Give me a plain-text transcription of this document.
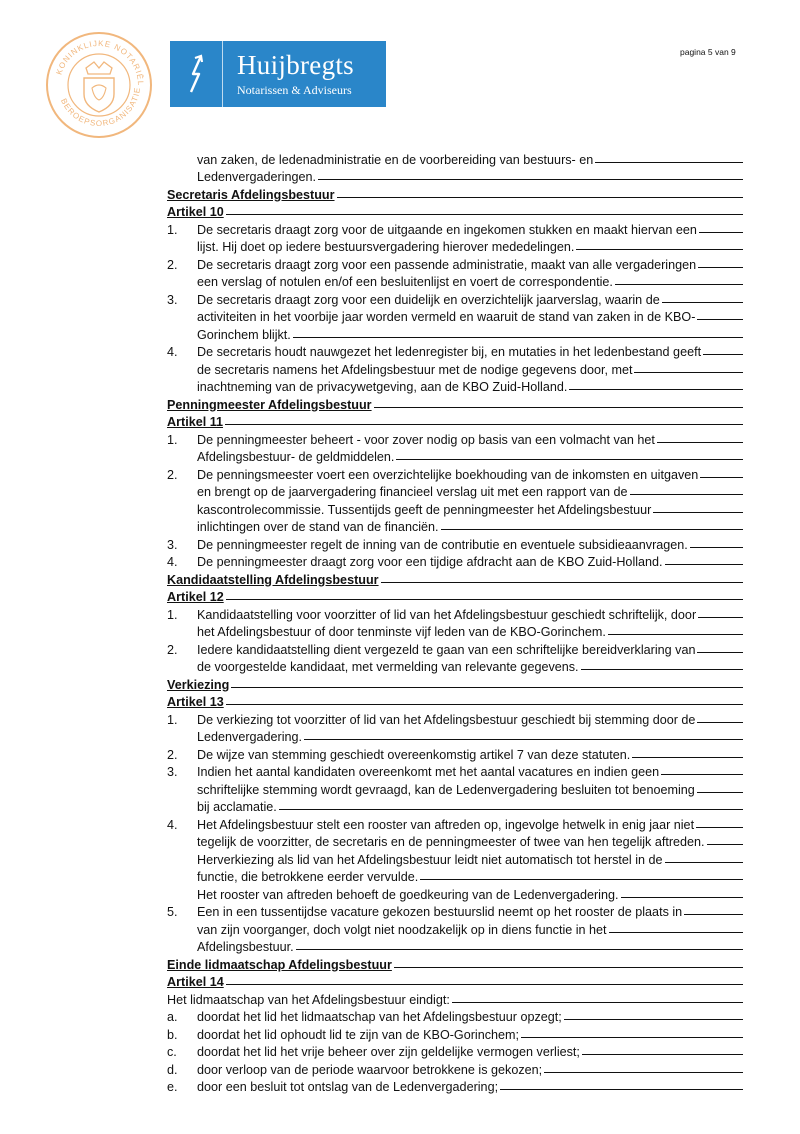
KONINKLIJKE NOTARIËL
BEROEPSORGANISATIE
Huijbregts
Notarissen & Adviseurs
pagina 5 van 9
van zaken, de ledenadministratie en de voorbereiding van bestuurs- en
Ledenvergaderingen.
Secretaris Afdelingsbestuur
Artikel 10
1.	De secretaris draagt zorg voor de uitgaande en ingekomen stukken en maakt hiervan een
lijst. Hij doet op iedere bestuursvergadering hierover mededelingen.
2.	De secretaris draagt zorg voor een passende administratie, maakt van alle vergaderingen
een verslag of notulen en/of een besluitenlijst en voert de correspondentie.
3.	De secretaris draagt zorg voor een duidelijk en overzichtelijk jaarverslag, waarin de
activiteiten in het voorbije jaar worden vermeld en waaruit de stand van zaken in de KBO-
Gorinchem blijkt.
4.	De secretaris houdt nauwgezet het ledenregister bij, en mutaties in het ledenbestand geeft
de secretaris namens het Afdelingsbestuur met de nodige gegevens door, met
inachtneming van de privacywetgeving, aan de KBO Zuid-Holland.
Penningmeester Afdelingsbestuur
Artikel 11
1.	De penningmeester beheert - voor zover nodig op basis van een volmacht van het
Afdelingsbestuur- de geldmiddelen.
2.	De penningsmeester voert een overzichtelijke boekhouding van de inkomsten en uitgaven
en brengt op de jaarvergadering financieel verslag uit met een rapport van de
kascontrolecommissie. Tussentijds geeft de penningmeester het Afdelingsbestuur
inlichtingen over de stand van de financiën.
3.	De penningmeester regelt de inning van de contributie en eventuele subsidieaanvragen.
4.	De penningmeester draagt zorg voor een tijdige afdracht aan de KBO Zuid-Holland.
Kandidaatstelling Afdelingsbestuur
Artikel 12
1.	Kandidaatstelling voor voorzitter of lid van het Afdelingsbestuur geschiedt schriftelijk, door
het Afdelingsbestuur of door tenminste vijf leden van de KBO-Gorinchem.
2.	Iedere kandidaatstelling dient vergezeld te gaan van een schriftelijke bereidverklaring van
de voorgestelde kandidaat, met vermelding van relevante gegevens.
Verkiezing
Artikel 13
1.	De verkiezing tot voorzitter of lid van het Afdelingsbestuur geschiedt bij stemming door de
Ledenvergadering.
2.	De wijze van stemming geschiedt overeenkomstig artikel 7 van deze statuten.
3.	Indien het aantal kandidaten overeenkomt met het aantal vacatures en indien geen
schriftelijke stemming wordt gevraagd, kan de Ledenvergadering besluiten tot benoeming
bij acclamatie.
4.	Het Afdelingsbestuur stelt een rooster van aftreden op, ingevolge hetwelk in enig jaar niet
tegelijk de voorzitter, de secretaris en de penningmeester of twee van hen tegelijk aftreden.
Herverkiezing als lid van het Afdelingsbestuur leidt niet automatisch tot herstel in de
functie, die betrokkene eerder vervulde.
Het rooster van aftreden behoeft de goedkeuring van de Ledenvergadering.
5.	Een in een tussentijdse vacature gekozen bestuurslid neemt op het rooster de plaats in
van zijn voorganger, doch volgt niet noodzakelijk op in diens functie in het
Afdelingsbestuur.
Einde lidmaatschap Afdelingsbestuur
Artikel 14
Het lidmaatschap van het Afdelingsbestuur eindigt:
a.	doordat het lid het lidmaatschap van het Afdelingsbestuur opzegt;
b.	doordat het lid ophoudt lid te zijn van de KBO-Gorinchem;
c.	doordat het lid het vrije beheer over zijn geldelijke vermogen verliest;
d.	door verloop van de periode waarvoor betrokkene is gekozen;
e.	door een besluit tot ontslag van de Ledenvergadering;
